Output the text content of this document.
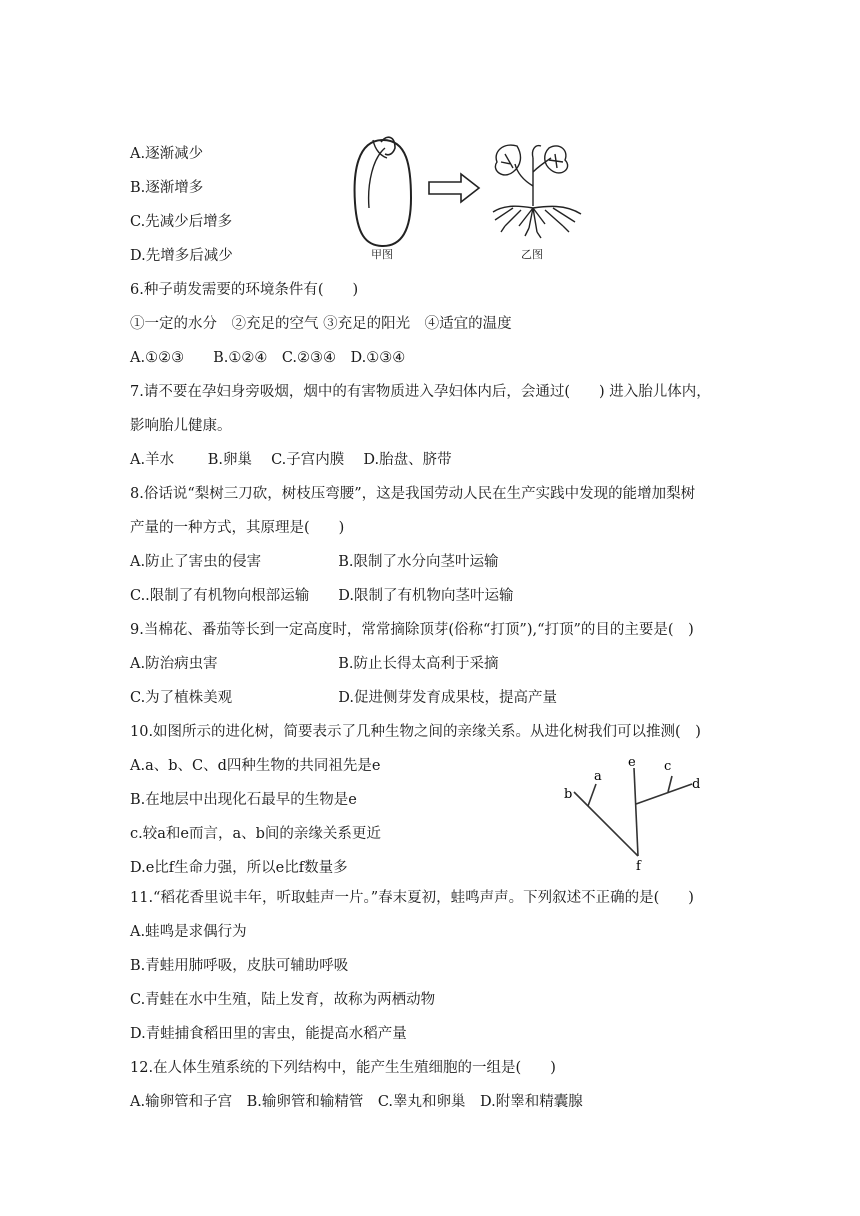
A.逐渐减少
B.逐渐增多
C.先减少后增多
D.先增多后减少	甲图	乙图
6.种子萌发需要的环境条件有(　　)
①一定的水分　②充足的空气 ③充足的阳光　④适宜的温度
A.①②③　　B.①②④　C.②③④　D.①③④
7.请不要在孕妇身旁吸烟，烟中的有害物质进入孕妇体内后，会通过(　　) 进入胎儿体内，
影响胎儿健康。
A.羊水　　 B.卵巢　 C.子宫内膜　 D.胎盘、脐带
8.俗话说“梨树三刀砍，树枝压弯腰”，这是我国劳动人民在生产实践中发现的能增加梨树
产量的一种方式，其原理是(　　)
A.防止了害虫的侵害　　　　　 B.限制了水分向茎叶运输
C..限制了有机物向根部运输　　D.限制了有机物向茎叶运输
9.当棉花、番茄等长到一定高度时，常常摘除顶芽(俗称“打顶”),“打顶”的目的主要是(　)
A.防治病虫害　　　　　　　　 B.防止长得太高利于采摘
C.为了植株美观　　　　　　　 D.促进侧芽发育成果枝，提高产量
10.如图所示的进化树，简要表示了几种生物之间的亲缘关系。从进化树我们可以推测(　)
A.a、b、C、d四种生物的共同祖先是e
B.在地层中出现化石最早的生物是e
c.较a和e而言，a、b间的亲缘关系更近
D.e比f生命力强，所以e比f数量多
a
b
c
d
e
f
11.“稻花香里说丰年，听取蛙声一片。”春末夏初，蛙鸣声声。下列叙述不正确的是(　　)
A.蛙鸣是求偶行为
B.青蛙用肺呼吸，皮肤可辅助呼吸
C.青蛙在水中生殖，陆上发育，故称为两栖动物
D.青蛙捕食稻田里的害虫，能提高水稻产量
12.在人体生殖系统的下列结构中，能产生生殖细胞的一组是(　　)
A.输卵管和子宫　B.输卵管和输精管　C.睾丸和卵巢　D.附睾和精囊腺
